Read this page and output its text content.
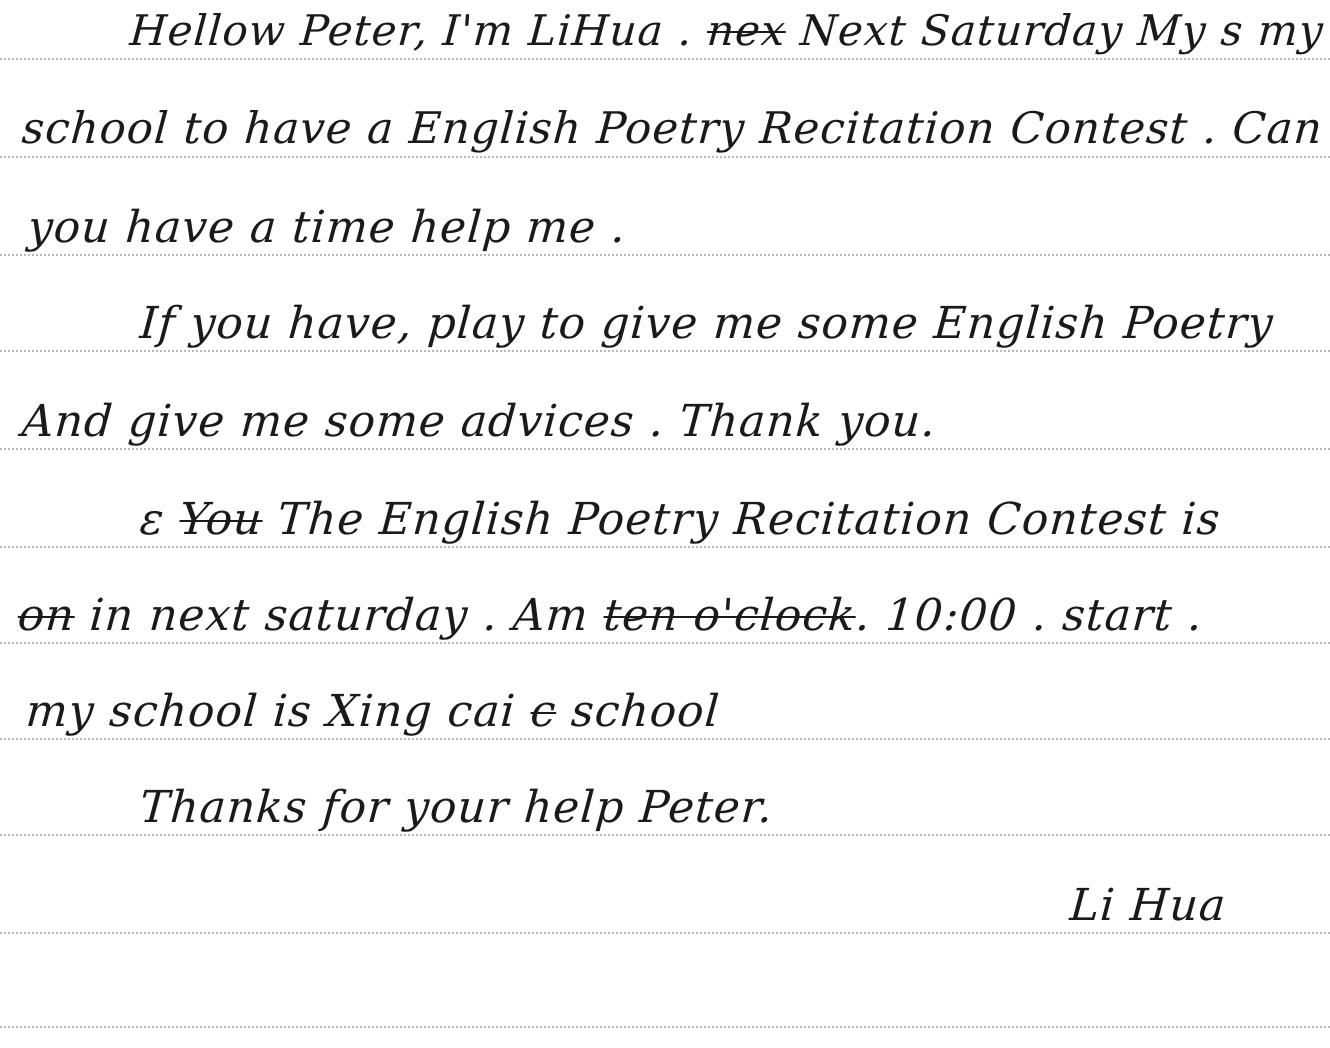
Hellow Peter, I'm LiHua . nex Next Saturday My s my
school to have a English Poetry Recitation Contest . Can
you have a time help me .
If you have, play to give me some English Poetry
And give me some advices . Thank you.
ɛ You The English Poetry Recitation Contest is
on in next saturday . Am ten o'clock. 10:00 . start .
my school is Xing cai c school
Thanks for your help Peter.
Li Hua
